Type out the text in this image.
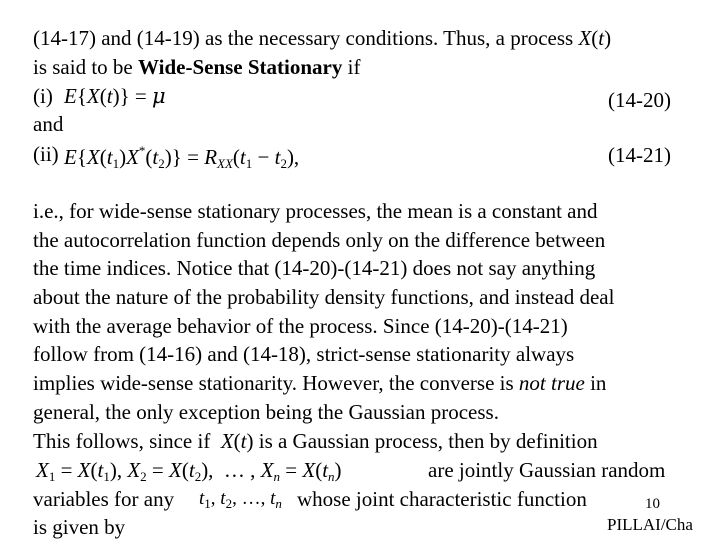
(14-17) and (14-19) as the necessary conditions. Thus, a process X(t)
is said to be Wide-Sense Stationary if
(i) E{X(t)} = μ	(14-20)
and
(ii) $E\{X(t_1)X^*(t_2)\} = R_{XX}(t_1 - t_2)$,	(14-21)
i.e., for wide-sense stationary processes, the mean is a constant and
the autocorrelation function depends only on the difference between
the time indices. Notice that (14-20)-(14-21) does not say anything
about the nature of the probability density functions, and instead deal
with the average behavior of the process. Since (14-20)-(14-21)
follow from (14-16) and (14-18), strict-sense stationarity always
implies wide-sense stationarity. However, the converse is not true in
general, the only exception being the Gaussian process.
This follows, since if X(t) is a Gaussian process, then by definition
$X_1 = X(t_1)$, $X_2 = X(t_2)$,  … , $X_n = X(t_n)$	are jointly Gaussian random
variables for any $t_1$, $t_2$, …, $t_n$ whose joint characteristic function
is given by
10
PILLAI/Cha
